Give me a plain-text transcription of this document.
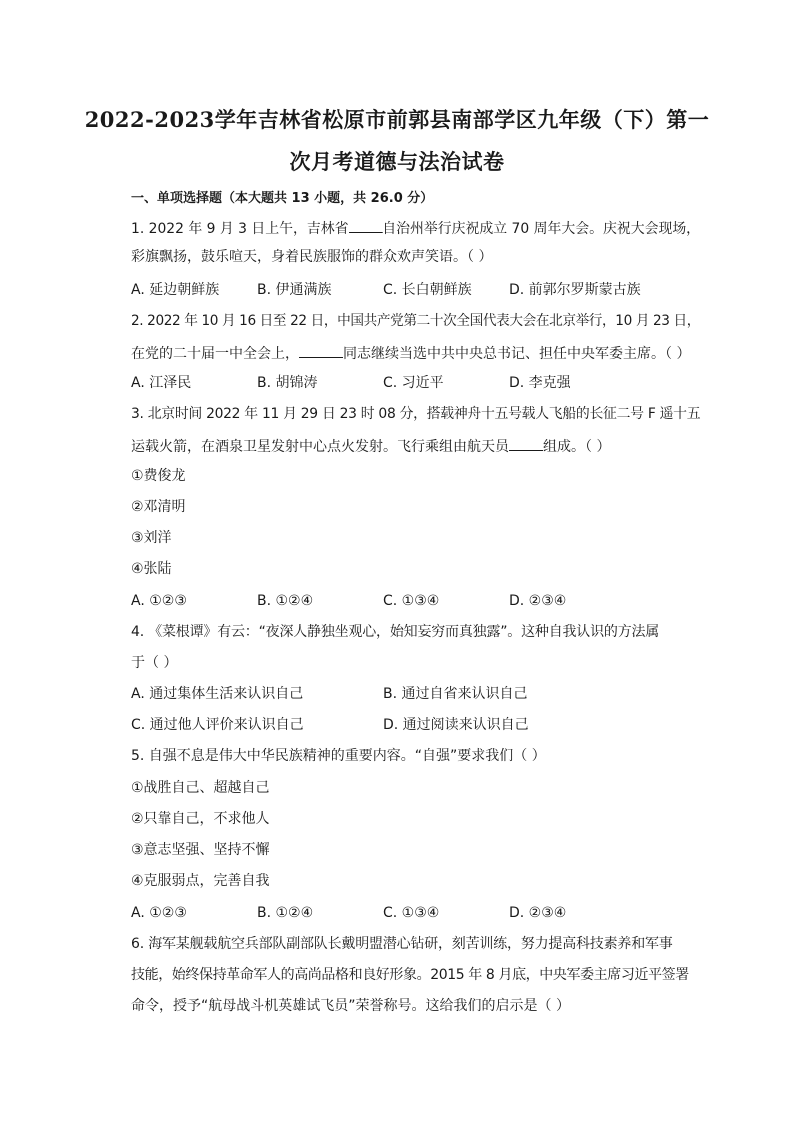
2022-2023学年吉林省松原市前郭县南部学区九年级（下）第一
次月考道德与法治试卷
一、单项选择题（本大题共 13 小题，共 26.0 分）
1. 2022 年 9 月 3 日上午，吉林省 自治州举行庆祝成立 70 周年大会。庆祝大会现场，
彩旗飘扬，鼓乐喧天，身着民族服饰的群众欢声笑语。（ ）
A. 延边朝鲜族	B. 伊通满族	C. 长白朝鲜族	D. 前郭尔罗斯蒙古族
2. 2022 年 10 月 16 日至 22 日，中国共产党第二十次全国代表大会在北京举行，10 月 23 日，
在党的二十届一中全会上，	同志继续当选中共中央总书记、担任中央军委主席。（ ）
A. 江泽民	B. 胡锦涛	C. 习近平	D. 李克强
3. 北京时间 2022 年 11 月 29 日 23 时 08 分，搭载神舟十五号载人飞船的长征二号 F 遥十五
运载火箭，在酒泉卫星发射中心点火发射。飞行乘组由航天员 组成。（ ）
①费俊龙
②邓清明
③刘洋
④张陆
A. ①②③	B. ①②④	C. ①③④	D. ②③④
4. 《菜根谭》有云：“夜深人静独坐观心，始知妄穷而真独露”。这种自我认识的方法属
于（ ）
A. 通过集体生活来认识自己	B. 通过自省来认识自己
C. 通过他人评价来认识自己	D. 通过阅读来认识自己
5. 自强不息是伟大中华民族精神的重要内容。“自强”要求我们（ ）
①战胜自己、超越自己
②只靠自己，不求他人
③意志坚强、坚持不懈
④克服弱点，完善自我
A. ①②③	B. ①②④	C. ①③④	D. ②③④
6. 海军某舰载航空兵部队副部队长戴明盟潜心钻研，刻苦训练，努力提高科技素养和军事
技能，始终保持革命军人的高尚品格和良好形象。2015 年 8 月底，中央军委主席习近平签署
命令，授予“航母战斗机英雄试飞员”荣誉称号。这给我们的启示是（ ）
